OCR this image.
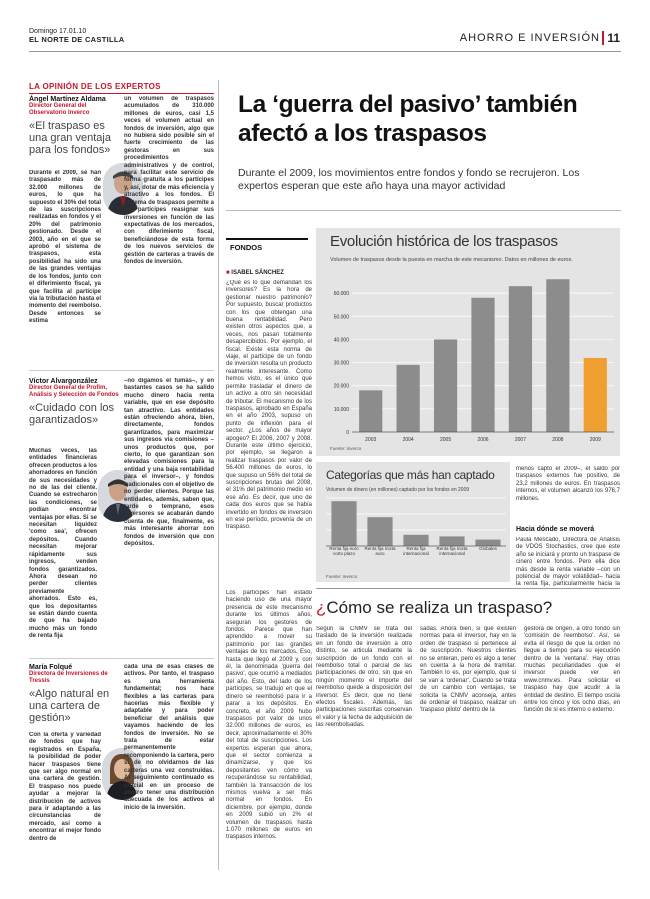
Domingo 17.01.10
EL NORTE DE CASTILLA	AHORRO E INVERSIÓN 11
LA OPINIÓN DE LOS EXPERTOS
Ángel Martínez Aldama
Director General del Observatorio Inverco
«El traspaso es una gran ventaja para los fondos»
Durante el 2009, se han traspasado más de 32.000 millones de euros, lo que ha supuesto el 30% del total de las suscripciones realizadas en fondos y el 20% del patrimonio gestionado. Desde el 2003, año en el que se aprobó el sistema de traspasos, esta posibilidad ha sido una de las grandes ventajas de los fondos, junto con el diferimiento fiscal, ya que facilita al partícipe vía la tributación hasta el momento del reembolso. Desde entonces se estima
un volumen de traspasos acumulados de 310.000 millones de euros, casi 1,5 veces el volumen actual en fondos de inversión, algo que no hubiera sido posible sin el fuerte crecimiento de las gestoras en sus procedimientos administrativos y de control, para facilitar este servicio de forma gratuita a los partícipes y, así, dotar de más eficiencia y atractivo a los fondos. El sistema de traspasos permite a los partícipes reasignar sus inversiones en función de las expectativas de los mercados, con diferimiento fiscal, beneficiándose de esta forma de los nuevos servicios de gestión de carteras a través de fondos de inversión.
Víctor Alvargonzález
Director General de Profim, Análisis y Selección de Fondos
«Cuidado con los garantizados»
Muchas veces, las entidades financieras ofrecen productos a los ahorradores en función de sus necesidades y no de las del cliente. Cuando se estrecharon las condiciones, se podían encontrar ventajas por ellas. Si se necesitan liquidez 'como sea', ofrecen depósitos. Cuando necesitan mejorar rápidamente sus ingresos, venden fondos garantizados. Ahora desean no perder clientes previamente ahorrados. Esto es, que los depositantes se están dando cuenta de que ha bajado mucho más un fondo de renta fija
–no digamos el fumás–, y en bastantes casos se ha salido mucho dinero hacia renta variable, que en ese depósito tan atractivo. Las entidades están ofreciendo ahora, bien, directamente, fondos garantizados, para maximizar sus ingresos vía comisiones –unos productos que, por cierto, lo que garantizan son elevadas comisiones para la entidad y una baja rentabilidad para el inversor–, y fondos tradicionales con el objetivo de no perder clientes. Porque las entidades, además, saben que, tarde o temprano, esos inversores se acabarán dando cuenta de que, finalmente, es más interesante ahorrar con fondos de inversión que con depósitos.
María Folqué
Directora de Inversiones de Tressis
«Algo natural en una cartera de gestión»
Con la oferta y variedad de fondos que hay registrados en España, la posibilidad de poder hacer traspasos tiene que ser algo normal en una cartera de gestión. El traspaso nos puede ayudar a mejorar la distribución de activos para ir adaptando a las circunstancias de mercado, así como a encontrar el mejor fondo dentro de
cada una de esas clases de activos. Por tanto, el traspaso es una herramienta fundamental; nos hace flexibles a las carteras para hacerlas más flexible y adaptable y para poder beneficiar del análisis que vayamos haciendo de los fondos de inversión. No se trata de estar permanentemente recomponiendo la cartera, pero sí de no olvidarnos de las carteras una vez construidas. Al seguimiento continuado es crucial en un proceso de ahorro tener una distribución adecuada de los activos al inicio de la inversión.
La ‘guerra del pasivo’ también afectó a los traspasos
Durante el 2009, los movimientos entre fondos y fondo se recrujeron. Los expertos esperan que este año haya una mayor actividad
FONDOS
■ ISABEL SÁNCHEZ
¿Qué es lo que demandan los inversores? Es la hora de gestionar nuestro patrimonio? Por supuesto, buscar productos con los que obtengan una buena rentabilidad. Pero existen otros aspectos que, a veces, nos pasan totalmente desapercibidos. Por ejemplo, el fiscal. Existe esta norma de viaje, el partícipe de un fondo de inversión resulta un producto realmente interesante. Como hemos visto, es el único que permite trasladar el dinero de un activo a otro sin necesidad de tributar. El mecanismo de los traspasos, aprobado en España en el año 2003, supuso un punto de inflexión para el sector. ¿Los años de mayor apogeo? El 2006, 2007 y 2008. Durante este último ejercicio, por ejemplo, se llegaron a realizar traspasos por valor de 56.400 millones de euros, lo que supuso un 56% del total de suscripciones brutas del 2008, el 31% del patrimonio medio en ese año. Es decir, que uno de cada dos euros que se había invertido en fondos de inversión en ese período, provenía de un traspaso.
Los partícipes han estado haciendo uso de una mayor presencia de este mecanismo durante los últimos años, aseguran los gestores de fondos. Parece que han aprendido a mover su patrimonio por las grandes ventajas de los mercados. Eso, hasta que llegó el 2009 y, con él, la denominada 'guerra del pasivo', que ocurrió a mediados del año. Esto, del lado de los partícipes, se tradujo en que el dinero se reembolsó para ir a parar a los depósitos. En concreto, el año 2009 hubo traspasos por valor de unos 32.000 millones de euros, es decir, aproximadamente el 30% del total de suscripciones. Los expertos esperan que ahora, que el sector comienza a dinamizarse, y que los depositantes ven cómo va recuperándose su rentabilidad, también la transacción de los mismos vuelva a ser más normal en fondos. En diciembre, por ejemplo, donde en 2009 subió un 2% el volumen de traspasos hasta 1.070 millones de euros en traspasos internos.
Evolución histórica de los traspasos
Volumen de traspasos desde la puesta en marcha de este mecanismo. Datos en millones de euros.
0
10.000
20.000
30.000
40.000
50.000
60.000
2003	2004	2005	2006	2007	2008	2009
Fuente: Inverco
Categorías que más han captado
Volumen de dinero (en millones) captado por los fondos en 2009
Renta fija euro corto plazo
Renta fija mixta euro
Renta fija internacional
Renta fija mixta internacional
Globales
Fuente: Inverco
menos captó el 2009–, el saldo por traspasos externos fue positivo, de 23,2 millones de euros. En traspasos internos, el volumen alcanzó los 976,7 millones.
Hacia dónde se moverá
Paula Mescado, Directora de Análisis de VDOS Stochastics, cree que este año se iniciará y pronto un traspase de cinero entre fondos. Pero ella dice más desde la renta variable –con un potencial de mayor volatilidad– hacia la renta fija, particularmente hacia la
¿Cómo se realiza un traspaso?
Según la CNMV se trata del traslado de la inversión realizada en un fondo de inversión a otro distinto, se articula mediante la suscripción de un fondo con el reembolso total o parcial de las participaciones de otro, sin que en ningún momento el importe del reembolso quede a disposición del inversor. Es decir, que no tiene efectos fiscales. Además, las participaciones suscritas conservan el valor y la fecha de adquisición de las reembolsadas.
sadas. Ahora bien, si que existen normas para el inversor, hay en la orden de traspaso si pertenece al de suscripción. Nuestros clientes no se enteran, pero es algo a tener en cuenta a la hora de tramitar. También lo es, por ejemplo, que si se van a 'ordenar'. Cuando se trata de un cambio con ventajas, se solicita la CNMV aconseja, antes de ordenar el traspaso, realizar un 'traspaso piloto' dentro de la
gestora de origen, a otro fondo sin 'comisión de reembolso'. Así, se evita el riesgo de que la orden no llegue a tiempo para su ejecución dentro de la 'ventana'. Hay otras muchas peculiaridades que el inversor puede ver en www.cnmv.es. Para solicitar el traspaso hay que acudir a la entidad de destino. El tiempo oscila entre los cinco y los ocho días, en función de si es interno o externo.
